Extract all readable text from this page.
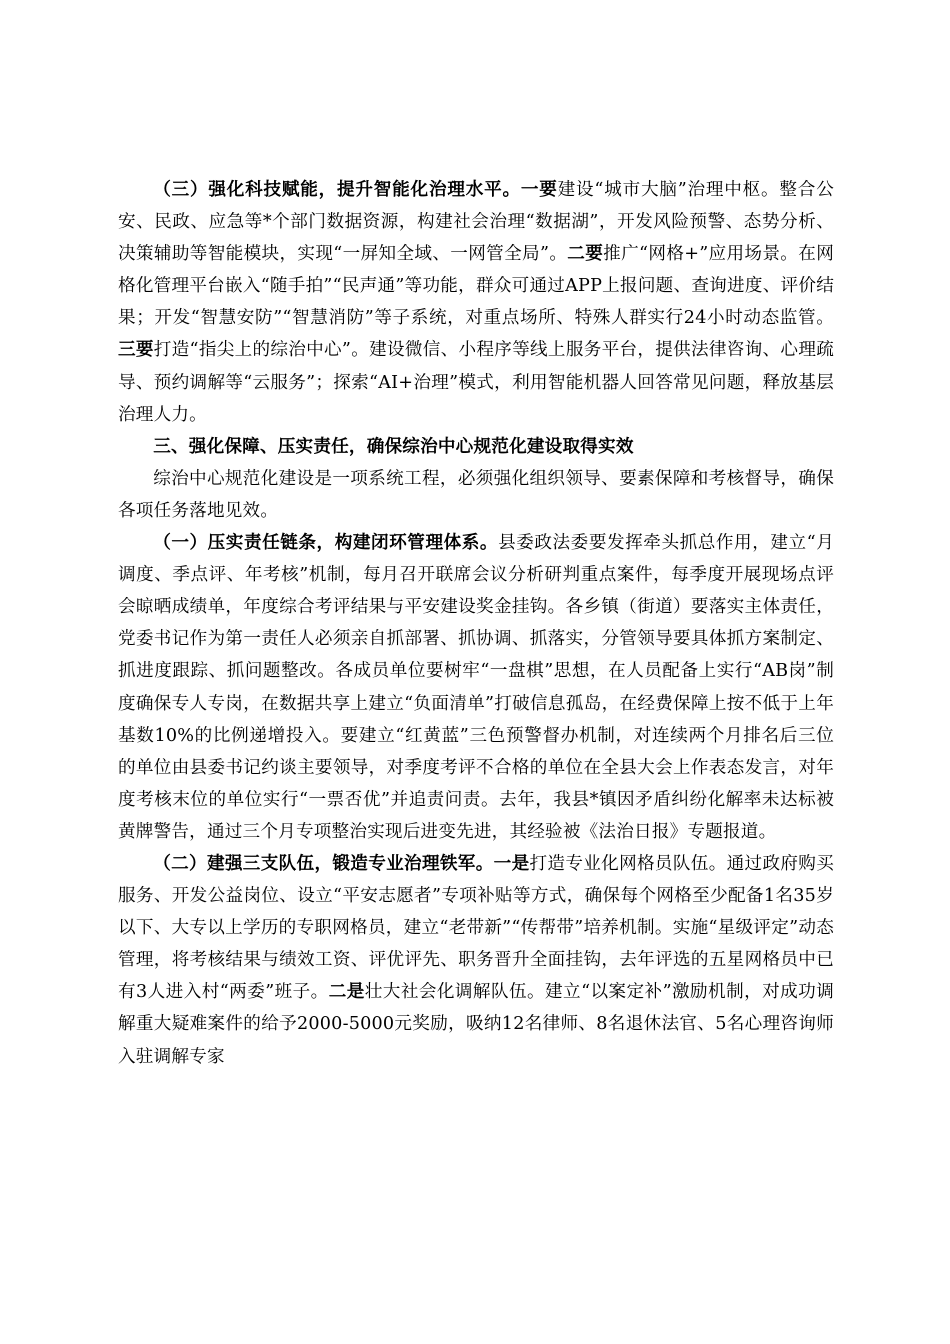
（三）强化科技赋能，提升智能化治理水平。一要建设“城市大脑”治理中枢。整合公安、民政、应急等*个部门数据资源，构建社会治理“数据湖”，开发风险预警、态势分析、决策辅助等智能模块，实现“一屏知全域、一网管全局”。二要推广“网格+”应用场景。在网格化管理平台嵌入“随手拍”“民声通”等功能，群众可通过APP上报问题、查询进度、评价结果；开发“智慧安防”“智慧消防”等子系统，对重点场所、特殊人群实行24小时动态监管。三要打造“指尖上的综治中心”。建设微信、小程序等线上服务平台，提供法律咨询、心理疏导、预约调解等“云服务”；探索“AI+治理”模式，利用智能机器人回答常见问题，释放基层治理人力。

三、强化保障、压实责任，确保综治中心规范化建设取得实效

综治中心规范化建设是一项系统工程，必须强化组织领导、要素保障和考核督导，确保各项任务落地见效。

（一）压实责任链条，构建闭环管理体系。县委政法委要发挥牵头抓总作用，建立“月调度、季点评、年考核”机制，每月召开联席会议分析研判重点案件，每季度开展现场点评会晾晒成绩单，年度综合考评结果与平安建设奖金挂钩。各乡镇（街道）要落实主体责任，党委书记作为第一责任人必须亲自抓部署、抓协调、抓落实，分管领导要具体抓方案制定、抓进度跟踪、抓问题整改。各成员单位要树牢“一盘棋”思想，在人员配备上实行“AB岗”制度确保专人专岗，在数据共享上建立“负面清单”打破信息孤岛，在经费保障上按不低于上年基数10%的比例递增投入。要建立“红黄蓝”三色预警督办机制，对连续两个月排名后三位的单位由县委书记约谈主要领导，对季度考评不合格的单位在全县大会上作表态发言，对年度考核末位的单位实行“一票否优”并追责问责。去年，我县*镇因矛盾纠纷化解率未达标被黄牌警告，通过三个月专项整治实现后进变先进，其经验被《法治日报》专题报道。

（二）建强三支队伍，锻造专业治理铁军。一是打造专业化网格员队伍。通过政府购买服务、开发公益岗位、设立“平安志愿者”专项补贴等方式，确保每个网格至少配备1名35岁以下、大专以上学历的专职网格员，建立“老带新”“传帮带”培养机制。实施“星级评定”动态管理，将考核结果与绩效工资、评优评先、职务晋升全面挂钩，去年评选的五星网格员中已有3人进入村“两委”班子。二是壮大社会化调解队伍。建立“以案定补”激励机制，对成功调解重大疑难案件的给予2000-5000元奖励，吸纳12名律师、8名退休法官、5名心理咨询师入驻调解专家
